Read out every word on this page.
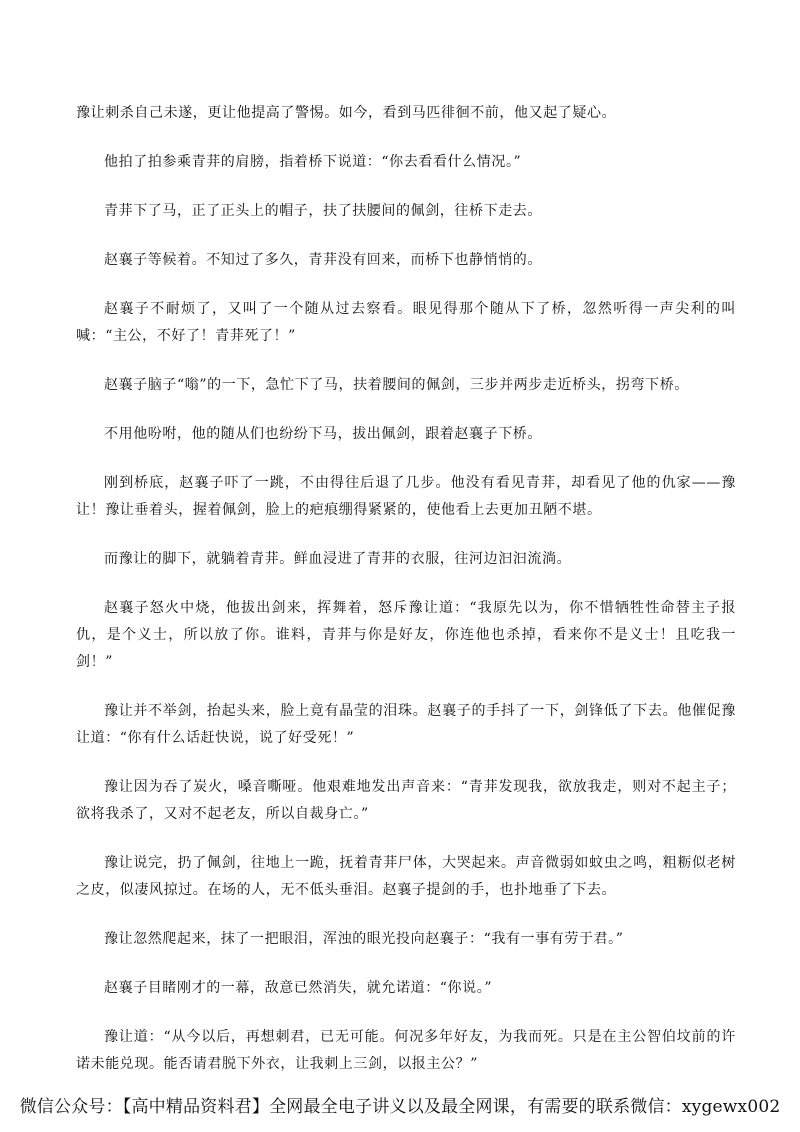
豫让刺杀自己未遂，更让他提高了警惕。如今，看到马匹徘徊不前，他又起了疑心。

他拍了拍参乘青荓的肩膀，指着桥下说道：“你去看看什么情况。”

青荓下了马，正了正头上的帽子，扶了扶腰间的佩剑，往桥下走去。

赵襄子等候着。不知过了多久，青荓没有回来，而桥下也静悄悄的。

赵襄子不耐烦了，又叫了一个随从过去察看。眼见得那个随从下了桥，忽然听得一声尖利的叫喊：“主公，不好了！青荓死了！”

赵襄子脑子“嗡”的一下，急忙下了马，扶着腰间的佩剑，三步并两步走近桥头，拐弯下桥。

不用他吩咐，他的随从们也纷纷下马，拔出佩剑，跟着赵襄子下桥。

刚到桥底，赵襄子吓了一跳，不由得往后退了几步。他没有看见青荓，却看见了他的仇家——豫让！豫让垂着头，握着佩剑，脸上的疤痕绷得紧紧的，使他看上去更加丑陋不堪。

而豫让的脚下，就躺着青荓。鲜血浸进了青荓的衣服，往河边汩汩流淌。

赵襄子怒火中烧，他拔出剑来，挥舞着，怒斥豫让道：“我原先以为，你不惜牺牲性命替主子报仇，是个义士，所以放了你。谁料，青荓与你是好友，你连他也杀掉，看来你不是义士！且吃我一剑！”

豫让并不举剑，抬起头来，脸上竟有晶莹的泪珠。赵襄子的手抖了一下，剑锋低了下去。他催促豫让道：“你有什么话赶快说，说了好受死！”

豫让因为吞了炭火，嗓音嘶哑。他艰难地发出声音来：“青荓发现我，欲放我走，则对不起主子；欲将我杀了，又对不起老友，所以自裁身亡。”

豫让说完，扔了佩剑，往地上一跪，抚着青荓尸体，大哭起来。声音微弱如蚊虫之鸣，粗粝似老树之皮，似凄风掠过。在场的人，无不低头垂泪。赵襄子提剑的手，也扑地垂了下去。

豫让忽然爬起来，抹了一把眼泪，浑浊的眼光投向赵襄子：“我有一事有劳于君。”

赵襄子目睹刚才的一幕，敌意已然消失，就允诺道：“你说。”

豫让道：“从今以后，再想刺君，已无可能。何况多年好友，为我而死。只是在主公智伯坟前的许诺未能兑现。能否请君脱下外衣，让我刺上三剑，以报主公？”

微信公众号：【高中精品资料君】全网最全电子讲义以及最全网课，有需要的联系微信：xygewx002
